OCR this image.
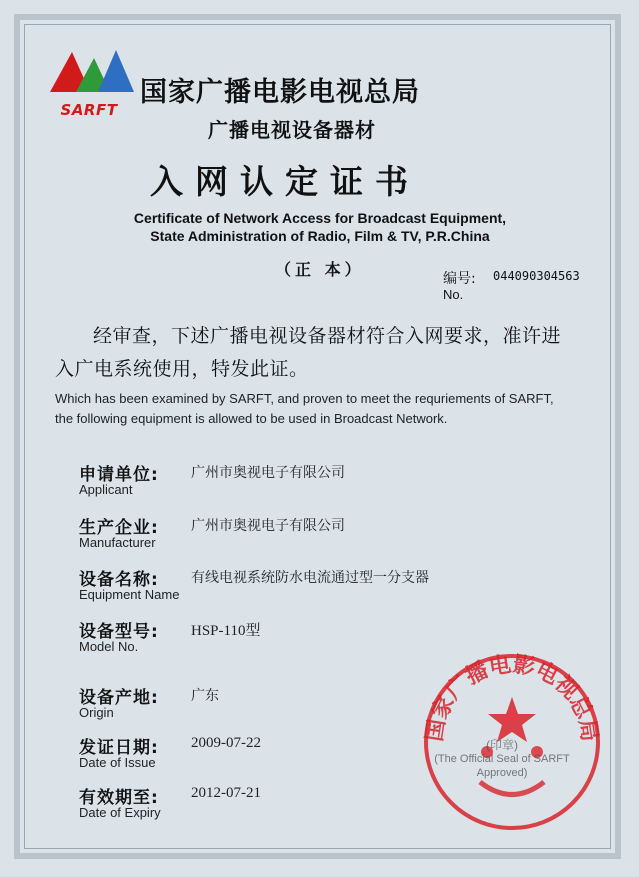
SARFT
国家广播电影电视总局
广播电视设备器材
入网认定证书
Certificate of Network Access for Broadcast Equipment,
State Administration of Radio, Film & TV, P.R.China
（正 本）	编号: 044090304563
No.
经审查，下述广播电视设备器材符合入网要求，准许进
入广电系统使用，特发此证。
Which has been examined by SARFT, and proven to meet the requriements of SARFT,
the following equipment is allowed to be used in Broadcast Network.
申请单位:
Applicant
广州市奥视电子有限公司
生产企业:
Manufacturer
广州市奥视电子有限公司
设备名称:
Equipment Name
有线电视系统防水电流通过型一分支器
设备型号:
Model No.
HSP-110型
设备产地:
Origin
广东
发证日期:
Date of Issue
2009-07-22
有效期至:
Date of Expiry
2012-07-21
国家广播电影电视总局
(印章)
(The Official Seal of SARFT
Approved)
